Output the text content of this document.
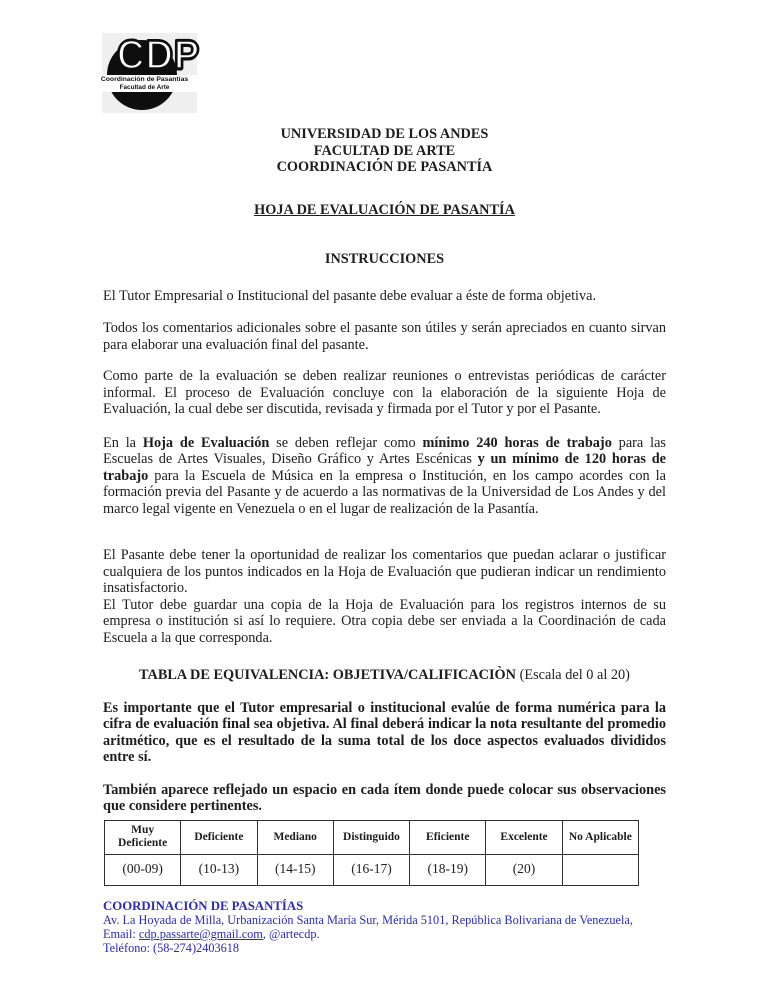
CDP
Coordinación de Pasantías
Facultad de Arte
UNIVERSIDAD DE LOS ANDES
FACULTAD DE ARTE
COORDINACIÓN DE PASANTÍA
HOJA DE EVALUACIÓN DE PASANTÍA
INSTRUCCIONES

El Tutor Empresarial o Institucional del pasante debe evaluar a éste de forma objetiva.

Todos los comentarios adicionales sobre el pasante son útiles y serán apreciados en cuanto sirvan para elaborar una evaluación final del pasante.

Como parte de la evaluación se deben realizar reuniones o entrevistas periódicas de carácter informal. El proceso de Evaluación concluye con la elaboración de la siguiente Hoja de Evaluación, la cual debe ser discutida, revisada y firmada por el Tutor y por el Pasante.

En la Hoja de Evaluación se deben reflejar como mínimo 240 horas de trabajo para las Escuelas de Artes Visuales, Diseño Gráfico y Artes Escénicas y un mínimo de 120 horas de trabajo para la Escuela de Música en la empresa o Institución, en los campo acordes con la formación previa del Pasante y de acuerdo a las normativas de la Universidad de Los Andes y del marco legal vigente en Venezuela o en el lugar de realización de la Pasantía.

El Pasante debe tener la oportunidad de realizar los comentarios que puedan aclarar o justificar cualquiera de los puntos indicados en la Hoja de Evaluación que pudieran indicar un rendimiento insatisfactorio.

El Tutor debe guardar una copia de la Hoja de Evaluación para los registros internos de su empresa o institución si así lo requiere. Otra copia debe ser enviada a la Coordinación de cada Escuela a la que corresponda.

TABLA DE EQUIVALENCIA: OBJETIVA/CALIFICACIÒN (Escala del 0 al 20)

Es importante que el Tutor empresarial o institucional evalúe de forma numérica para la cifra de evaluación final sea objetiva. Al final deberá indicar la nota resultante del promedio aritmético, que es el resultado de la suma total de los doce aspectos evaluados divididos entre sí.

También aparece reflejado un espacio en cada ítem donde puede colocar sus observaciones que considere pertinentes.

Muy Deficiente	Deficiente	Mediano	Distinguido	Eficiente	Excelente	No Aplicable
(00-09)	(10-13)	(14-15)	(16-17)	(18-19)	(20)	
COORDINACIÓN DE PASANTÍAS
Av. La Hoyada de Milla, Urbanización Santa María Sur, Mérida 5101, República Bolivariana de Venezuela,
Email: cdp.passarte@gmail.com, @artecdp.
Teléfono: (58-274)2403618
